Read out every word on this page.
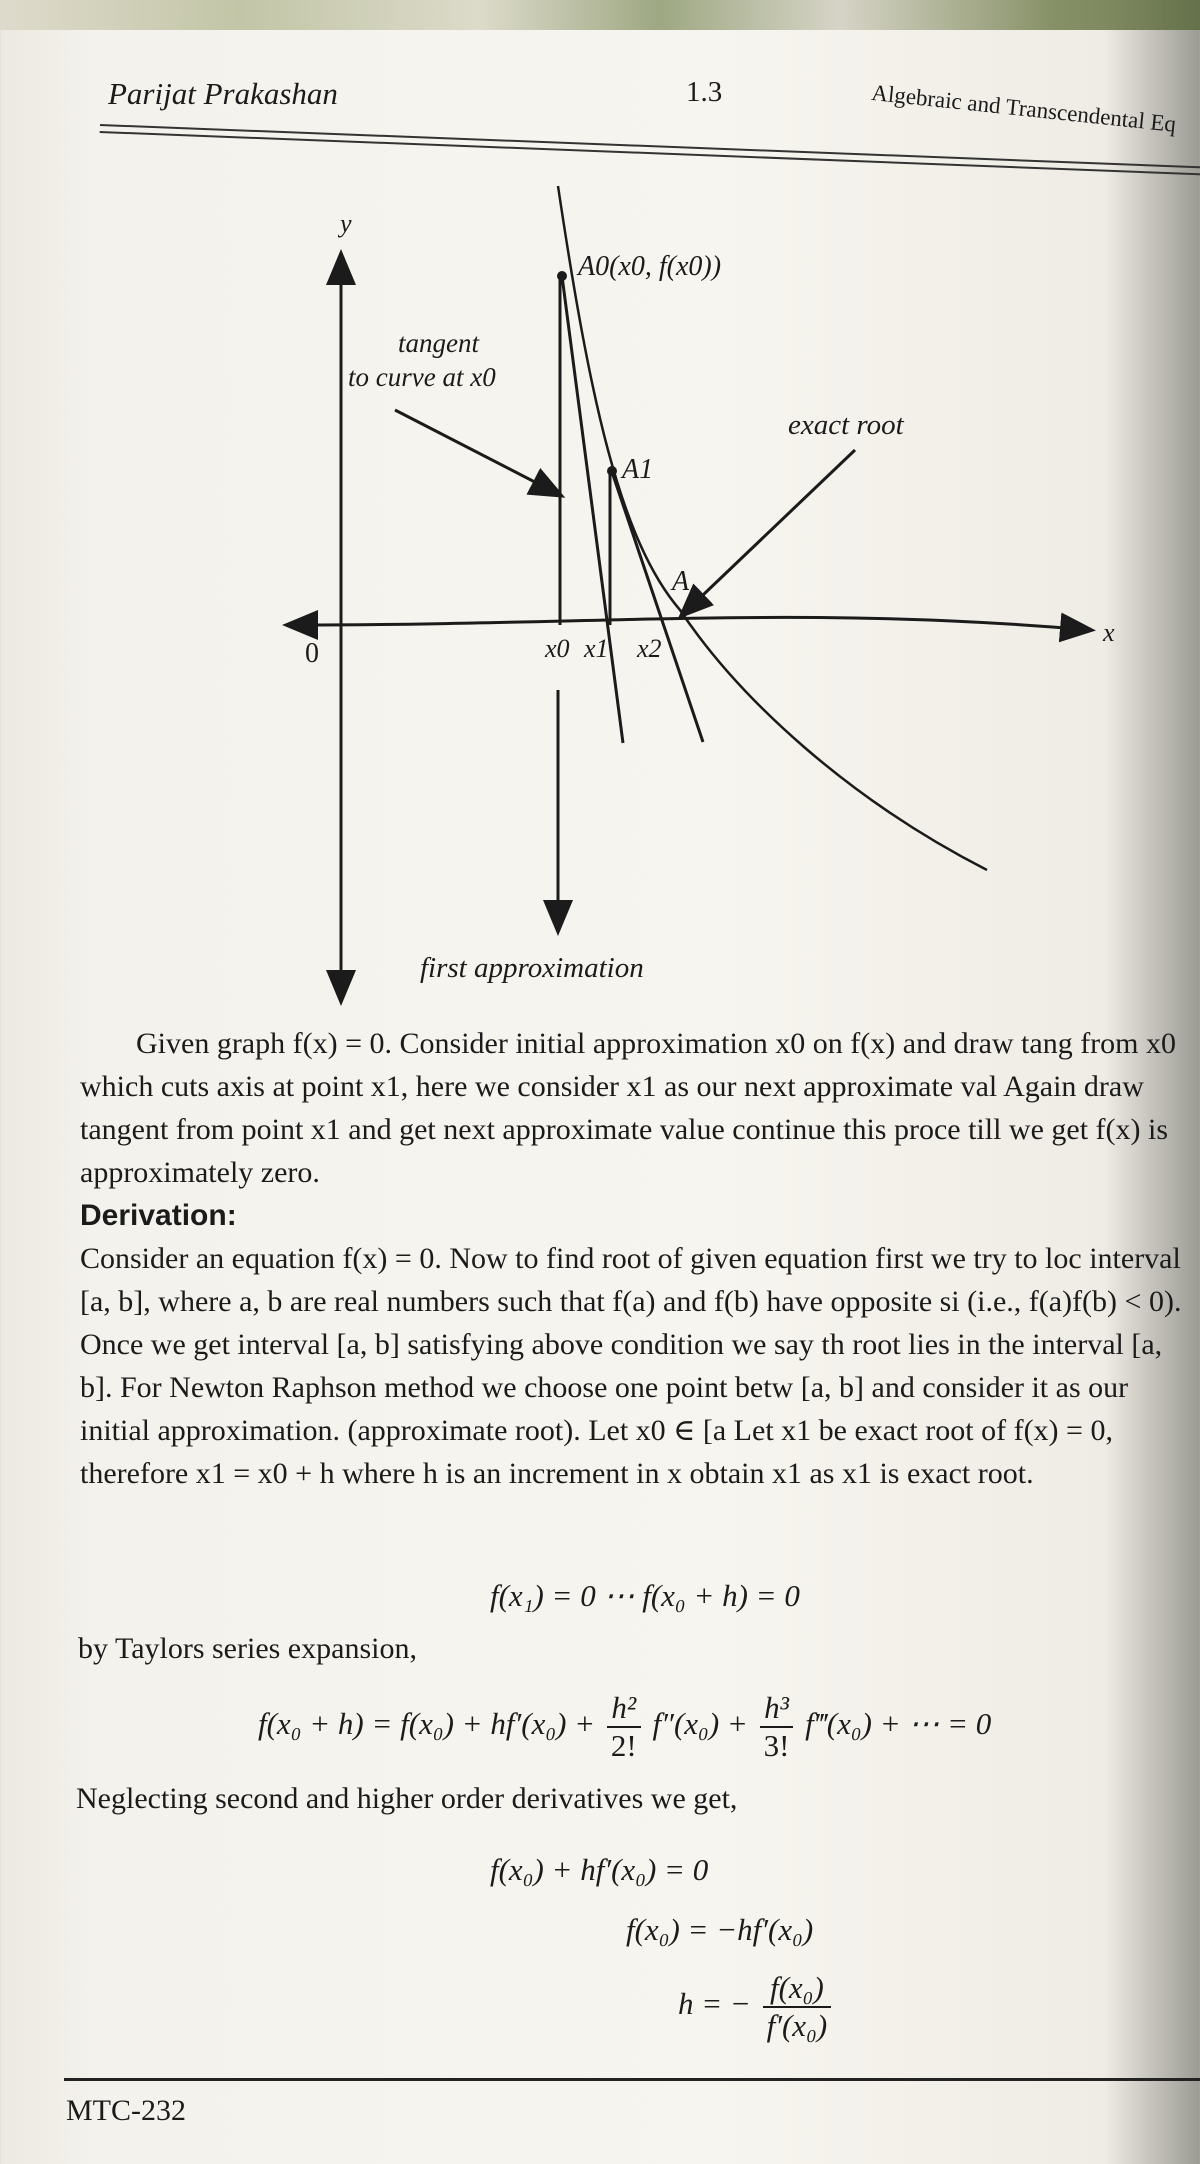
Parijat Prakashan	1.3	Algebraic and Transcendental Eq
y
x
0
A0(x0, f(x0))
A1
A
x0 x1 x2
tangent
to curve at x0
exact root
first approximation

Given graph f(x) = 0. Consider initial approximation x0 on f(x) and draw tang from x0 which cuts axis at point x1, here we consider x1 as our next approximate val Again draw tangent from point x1 and get next approximate value continue this proce till we get f(x) is approximately zero.

Derivation:

Consider an equation f(x) = 0. Now to find root of given equation first we try to loc interval [a, b], where a, b are real numbers such that f(a) and f(b) have opposite si (i.e., f(a)f(b) < 0). Once we get interval [a, b] satisfying above condition we say th root lies in the interval [a, b]. For Newton Raphson method we choose one point betw [a, b] and consider it as our initial approximation. (approximate root). Let x0 ∈ [a Let x1 be exact root of f(x) = 0, therefore x1 = x0 + h where h is an increment in x obtain x1 as x1 is exact root.

f(x₁) = 0 ⋯ f(x₀ + h) = 0
by Taylors series expansion,
$f(x_0 + h) = f(x_0) + hf'(x_0) + \frac{\text{h²}}{2!} f''(x_0) + \frac{\text{h³}}{3!}$ f‴(x₀) + ⋯ = 0
Neglecting second and higher order derivatives we get,
f(x₀) + hf′(x₀) = 0
f(x₀) = −hf′(x₀)
h = − $\frac{\text{f(x₀)}}{\text{f′(x₀)}}$
MTC-232
